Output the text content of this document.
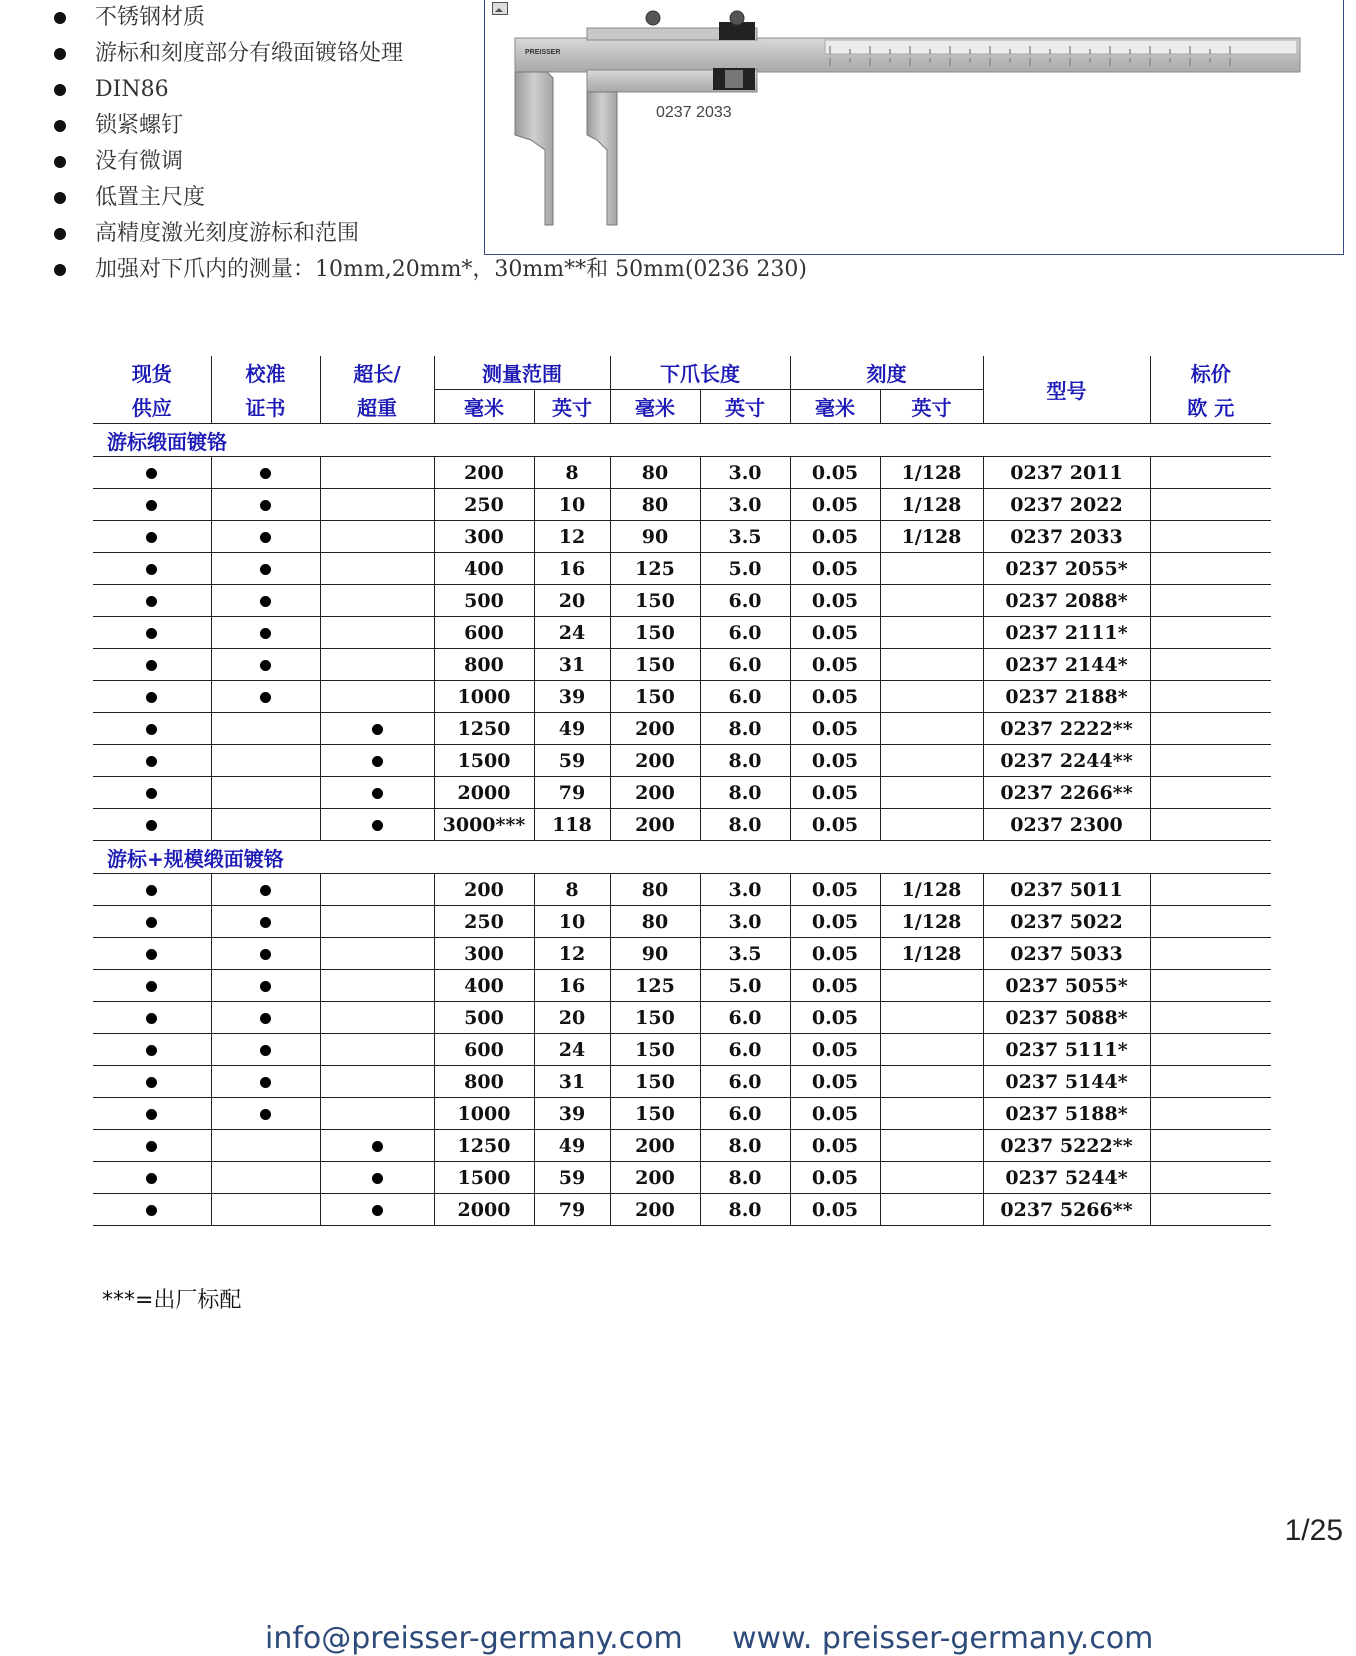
不锈钢材质
游标和刻度部分有缎面镀铬处理
DIN86
锁紧螺钉
没有微调
低置主尺度
高精度激光刻度游标和范围
加强对下爪内的测量：10mm,20mm*，30mm**和 50mm(0236 230)
PREISSER
0237 2033
现货	校准	超长/	测量范围		下爪长度		刻度		型号	标价
供应	证书	超重	毫米	英寸	毫米	英寸	毫米	英寸		欧 元
游标缎面镀铬										
			200	8	80	3.0	0.05	1/128	0237 2011	
			250	10	80	3.0	0.05	1/128	0237 2022	
			300	12	90	3.5	0.05	1/128	0237 2033	
			400	16	125	5.0	0.05		0237 2055*	
			500	20	150	6.0	0.05		0237 2088*	
			600	24	150	6.0	0.05		0237 2111*	
			800	31	150	6.0	0.05		0237 2144*	
			1000	39	150	6.0	0.05		0237 2188*	
			1250	49	200	8.0	0.05		0237 2222**	
			1500	59	200	8.0	0.05		0237 2244**	
			2000	79	200	8.0	0.05		0237 2266**	
			3000***	118	200	8.0	0.05		0237 2300	
游标+规模缎面镀铬										
			200	8	80	3.0	0.05	1/128	0237 5011	
			250	10	80	3.0	0.05	1/128	0237 5022	
			300	12	90	3.5	0.05	1/128	0237 5033	
			400	16	125	5.0	0.05		0237 5055*	
			500	20	150	6.0	0.05		0237 5088*	
			600	24	150	6.0	0.05		0237 5111*	
			800	31	150	6.0	0.05		0237 5144*	
			1000	39	150	6.0	0.05		0237 5188*	
			1250	49	200	8.0	0.05		0237 5222**	
			1500	59	200	8.0	0.05		0237 5244*	
			2000	79	200	8.0	0.05		0237 5266**	
***=出厂标配
1/25
info@preisser-germany.com www. preisser-germany.com
